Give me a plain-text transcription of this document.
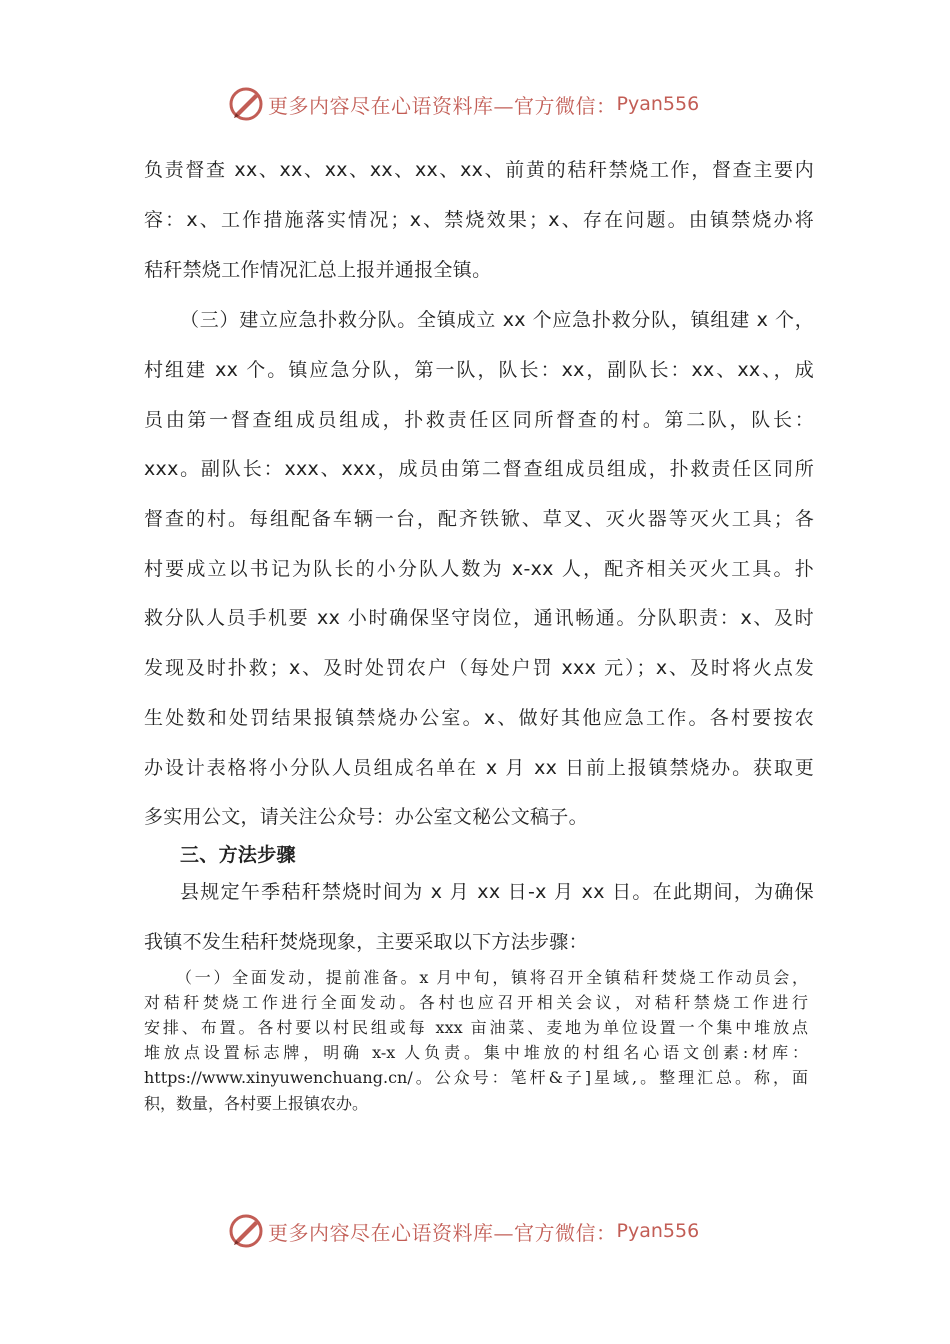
更多内容尽在心语资料库—官方微信： Pyan556
负责督查 xx、xx、xx、xx、xx、xx、前黄的秸秆禁烧工作，督查主要内
容：x、工作措施落实情况；x、禁烧效果；x、存在问题。由镇禁烧办将
秸秆禁烧工作情况汇总上报并通报全镇。
（三）建立应急扑救分队。全镇成立 xx 个应急扑救分队，镇组建 x 个，
村组建 xx 个。镇应急分队，第一队，队长：xx，副队长：xx、xx、，成
员由第一督查组成员组成，扑救责任区同所督查的村。第二队，队长：
xxx。副队长：xxx、xxx，成员由第二督查组成员组成，扑救责任区同所
督查的村。每组配备车辆一台，配齐铁锨、草叉、灭火器等灭火工具；各
村要成立以书记为队长的小分队人数为 x-xx 人，配齐相关灭火工具。扑
救分队人员手机要 xx 小时确保坚守岗位，通讯畅通。分队职责：x、及时
发现及时扑救；x、及时处罚农户（每处户罚 xxx 元）；x、及时将火点发
生处数和处罚结果报镇禁烧办公室。x、做好其他应急工作。各村要按农
办设计表格将小分队人员组成名单在 x 月 xx 日前上报镇禁烧办。获取更
多实用公文，请关注公众号：办公室文秘公文稿子。
三、方法步骤
县规定午季秸秆禁烧时间为 x 月 xx 日-x 月 xx 日。在此期间，为确保
我镇不发生秸秆焚烧现象，主要采取以下方法步骤：
（一）全面发动，提前准备。x 月中旬，镇将召开全镇秸秆焚烧工作动员会，
对秸秆焚烧工作进行全面发动。各村也应召开相关会议，对秸秆禁烧工作进行
安排、布置。各村要以村民组或每 xxx 亩油菜、麦地为单位设置一个集中堆放点
堆放点设置标志牌，明确 x-x 人负责。集中堆放的村组名心语文创素:材库：
https://www.xinyuwenchuang.cn/。公众号：笔杆&子]星域,。整理汇总。称，面
积，数量，各村要上报镇农办。
更多内容尽在心语资料库—官方微信： Pyan556
